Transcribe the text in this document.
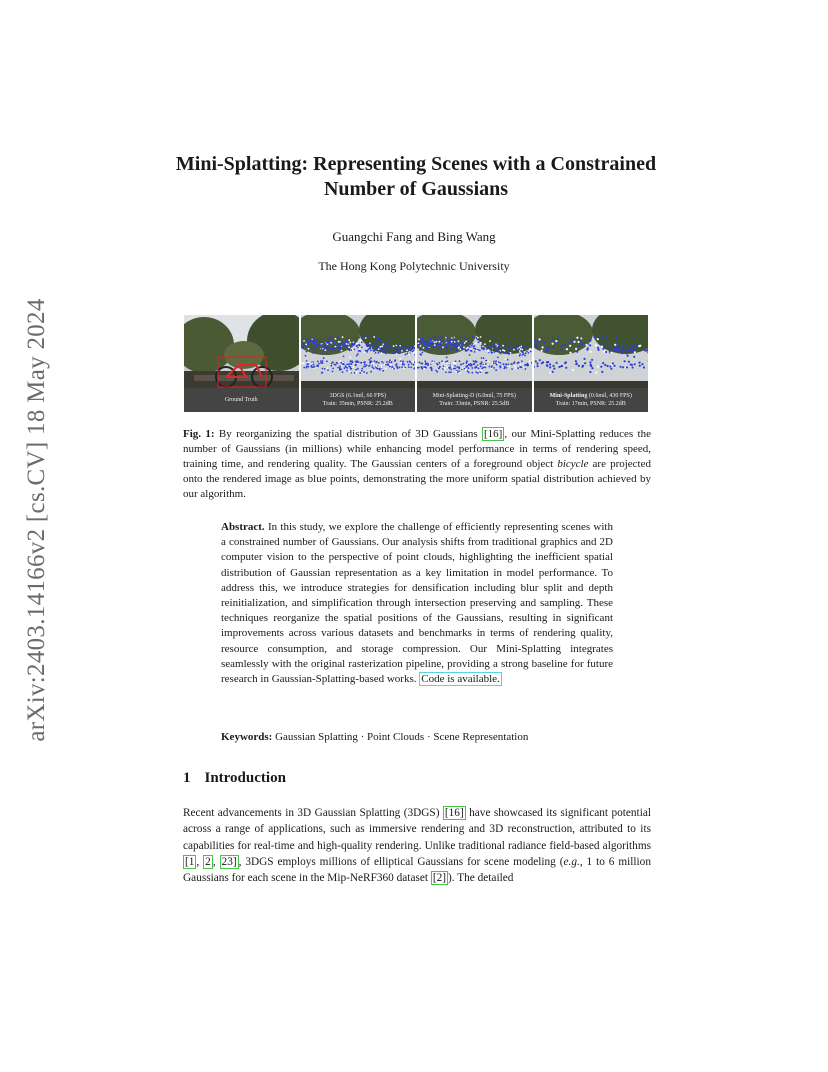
arXiv:2403.14166v2 [cs.CV] 18 May 2024
Mini-Splatting: Representing Scenes with a Constrained Number of Gaussians
Guangchi Fang and Bing Wang
The Hong Kong Polytechnic University
Ground Truth
3DGS (6.1mil, 66 FPS)
Train: 35min, PSNR: 25.2dB
Mini-Splatting-D (6.0mil, 75 FPS)
Train: 33min, PSNR: 25.5dB
Mini-Splatting (0.6mil, 430 FPS)
Train: 17min, PSNR: 25.2dB
Fig. 1: By reorganizing the spatial distribution of 3D Gaussians [16] , our Mini-Splatting reduces the number of Gaussians (in millions) while enhancing model performance in terms of rendering speed, training time, and rendering quality. The Gaussian centers of a foreground object bicycle are projected onto the rendered image as blue points, demonstrating the more uniform spatial distribution achieved by our algorithm.
Abstract. In this study, we explore the challenge of efficiently representing scenes with a constrained number of Gaussians. Our analysis shifts from traditional graphics and 2D computer vision to the perspective of point clouds, highlighting the inefficient spatial distribution of Gaussian representation as a key limitation in model performance. To address this, we introduce strategies for densification including blur split and depth reinitialization, and simplification through intersection preserving and sampling. These techniques reorganize the spatial positions of the Gaussians, resulting in significant improvements across various datasets and benchmarks in terms of rendering quality, resource consumption, and storage compression. Our Mini-Splatting integrates seamlessly with the original rasterization pipeline, providing a strong baseline for future research in Gaussian-Splatting-based works. Code is available.
Keywords: Gaussian Splatting · Point Clouds · Scene Representation
1 Introduction
Recent advancements in 3D Gaussian Splatting (3DGS) [16] have showcased its significant potential across a range of applications, such as immersive rendering and 3D reconstruction, attributed to its capabilities for real-time and high-quality rendering. Unlike traditional radiance field-based algorithms [1 , 2 , 23] , 3DGS employs millions of elliptical Gaussians for scene modeling (e.g., 1 to 6 million Gaussians for each scene in the Mip-NeRF360 dataset [2] ). The detailed
